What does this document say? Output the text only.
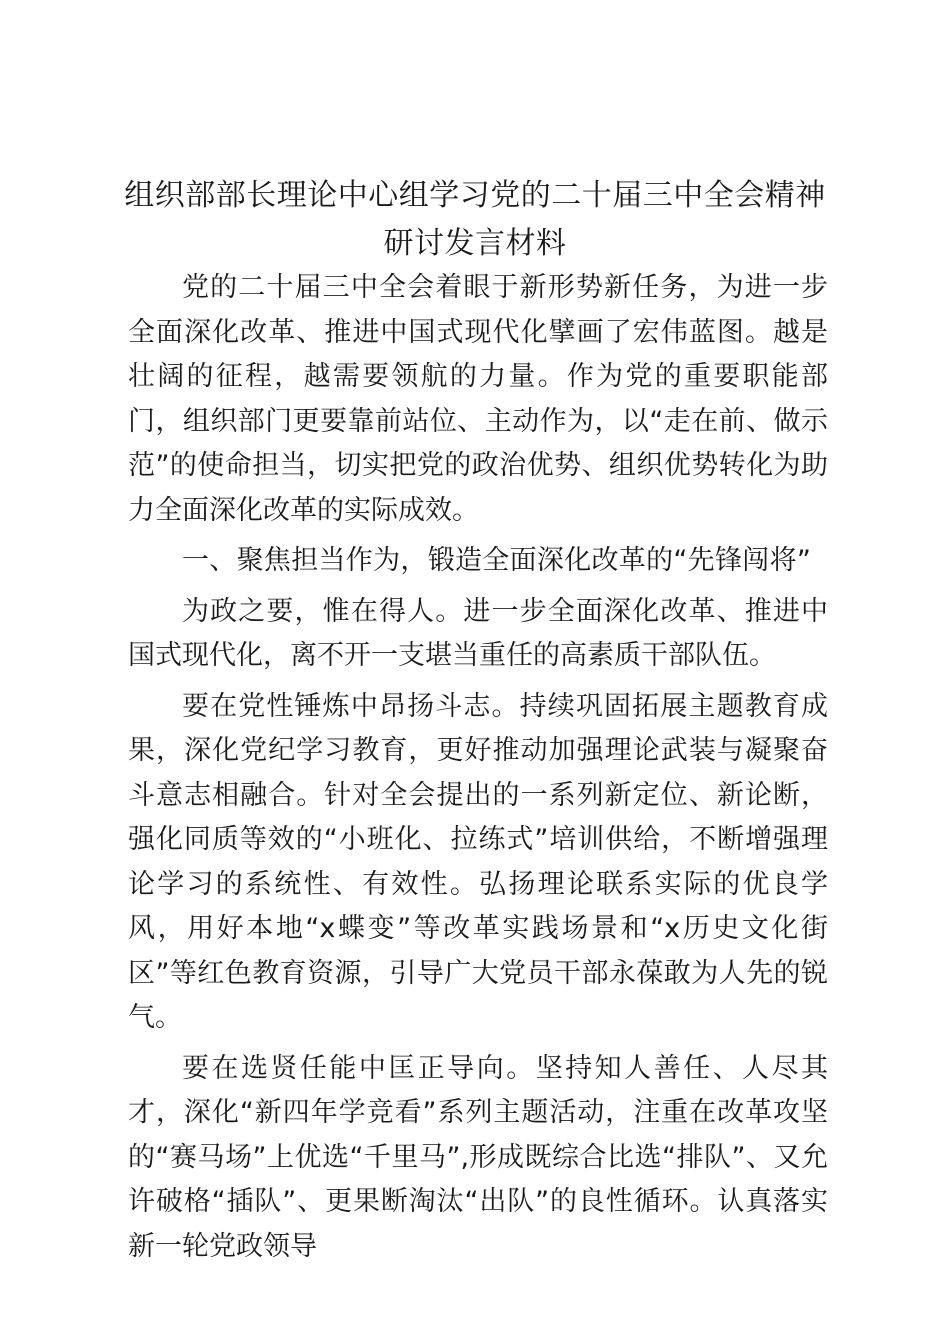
组织部部长理论中心组学习党的二十届三中全会精神研讨发言材料

党的二十届三中全会着眼于新形势新任务，为进一步全面深化改革、推进中国式现代化擘画了宏伟蓝图。越是壮阔的征程，越需要领航的力量。作为党的重要职能部门，组织部门更要靠前站位、主动作为，以“走在前、做示范”的使命担当，切实把党的政治优势、组织优势转化为助力全面深化改革的实际成效。

一、聚焦担当作为，锻造全面深化改革的“先锋闯将”

为政之要，惟在得人。进一步全面深化改革、推进中国式现代化，离不开一支堪当重任的高素质干部队伍。

要在党性锤炼中昂扬斗志。持续巩固拓展主题教育成果，深化党纪学习教育，更好推动加强理论武装与凝聚奋斗意志相融合。针对全会提出的一系列新定位、新论断，强化同质等效的“小班化、拉练式”培训供给，不断增强理论学习的系统性、有效性。弘扬理论联系实际的优良学风，用好本地“x蝶变”等改革实践场景和“x历史文化街区”等红色教育资源，引导广大党员干部永葆敢为人先的锐气。

要在选贤任能中匡正导向。坚持知人善任、人尽其才，深化“新四年学竞看”系列主题活动，注重在改革攻坚的“赛马场”上优选“千里马”,形成既综合比选“排队”、又允许破格“插队”、更果断淘汰“出队”的良性循环。认真落实新一轮党政领导
